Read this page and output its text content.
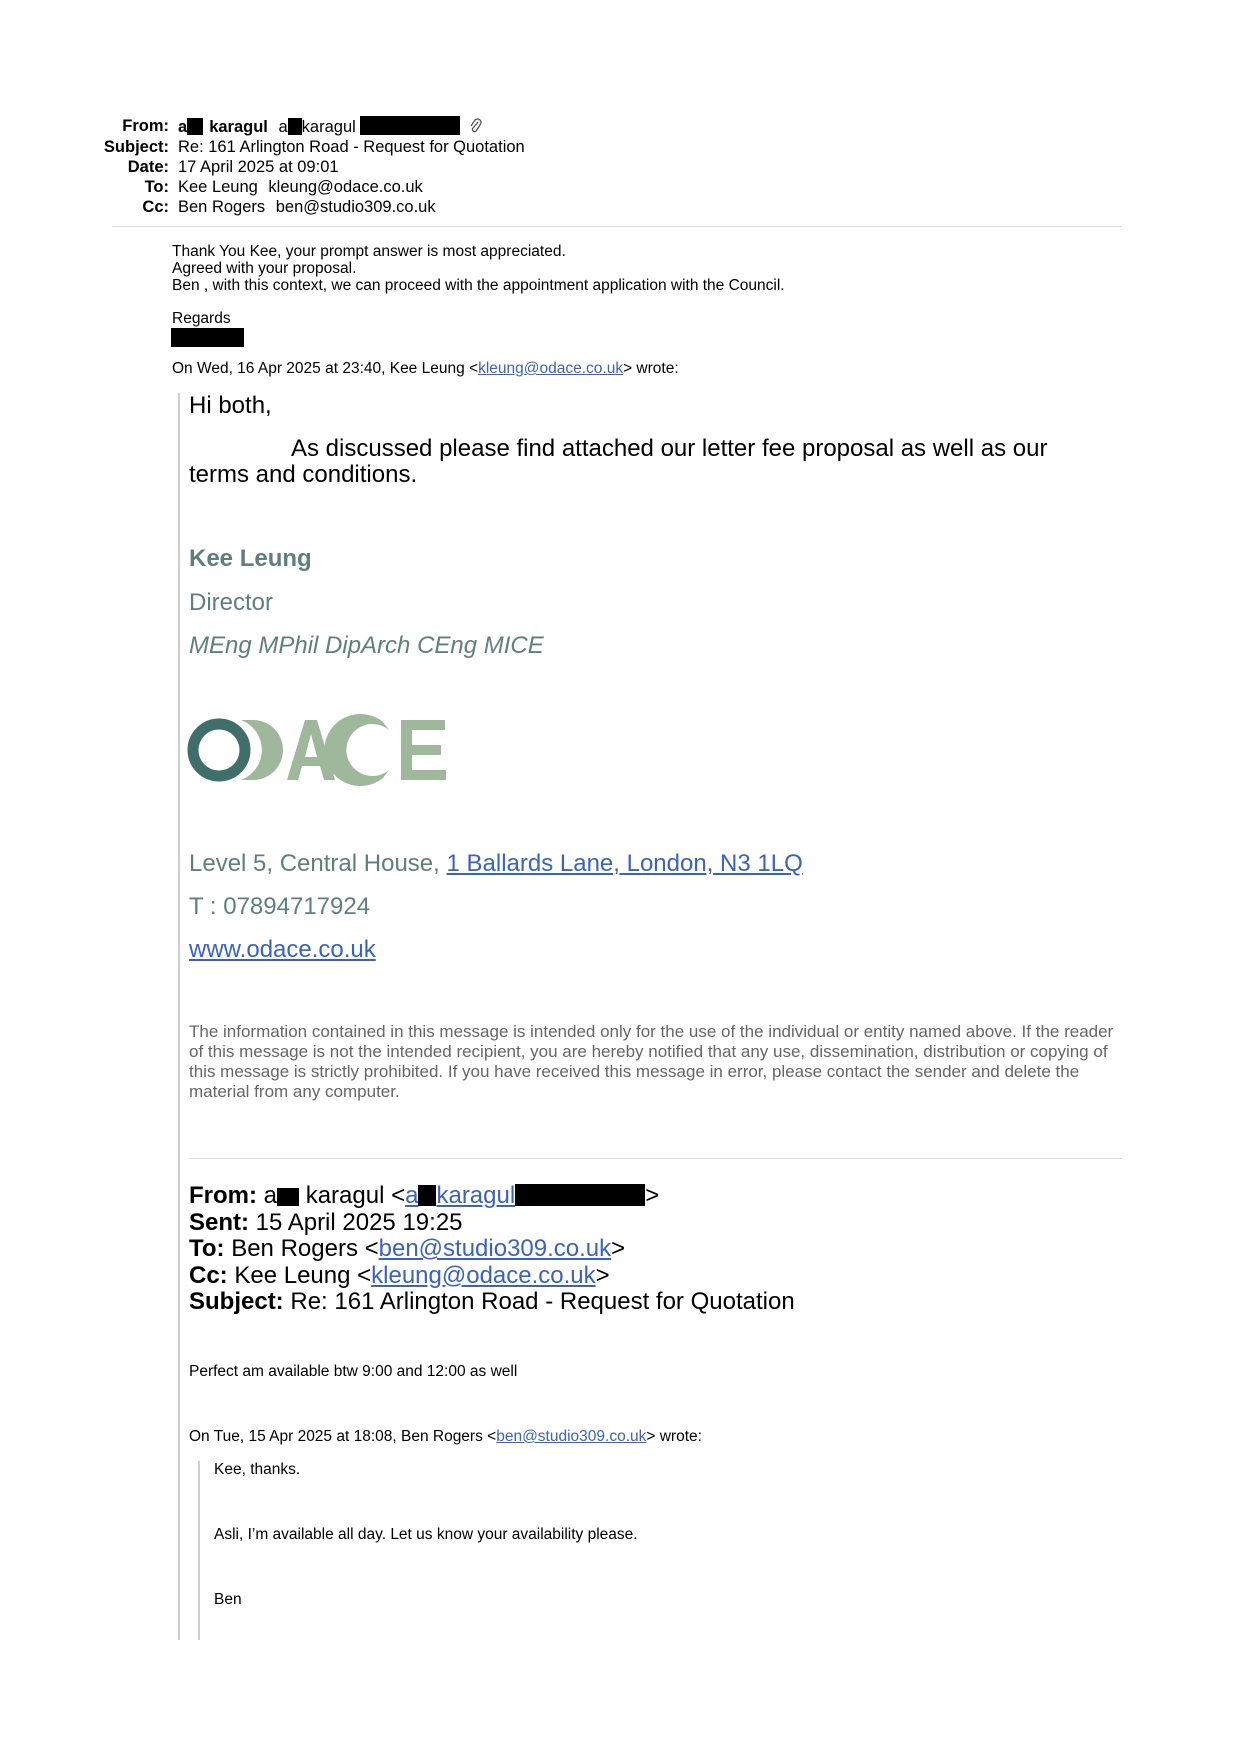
From: a karagul a karagul
Subject: Re: 161 Arlington Road - Request for Quotation
Date: 17 April 2025 at 09:01
To: Kee Leung kleung@odace.co.uk
Cc: Ben Rogers ben@studio309.co.uk
Thank You Kee, your prompt answer is most appreciated.
Agreed with your proposal.
Ben , with this context, we can proceed with the appointment application with the Council.
Regards
On Wed, 16 Apr 2025 at 23:40, Kee Leung <kleung@odace.co.uk> wrote:
Hi both,
As discussed please find attached our letter fee proposal as well as our terms and conditions.
Kee Leung
Director
MEng MPhil DipArch CEng MICE
Level 5, Central House, 1 Ballards Lane, London, N3 1LQ
T : 07894717924
www.odace.co.uk
The information contained in this message is intended only for the use of the individual or entity named above. If the reader of this message is not the intended recipient, you are hereby notified that any use, dissemination, distribution or copying of this message is strictly prohibited. If you have received this message in error, please contact the sender and delete the material from any computer.
From: a karagul <a karagul	>
Sent: 15 April 2025 19:25
To: Ben Rogers <ben@studio309.co.uk>
Cc: Kee Leung <kleung@odace.co.uk>
Subject: Re: 161 Arlington Road - Request for Quotation
Perfect am available btw 9:00 and 12:00 as well
On Tue, 15 Apr 2025 at 18:08, Ben Rogers <ben@studio309.co.uk> wrote:
Kee, thanks.
Asli, I’m available all day. Let us know your availability please.
Ben
